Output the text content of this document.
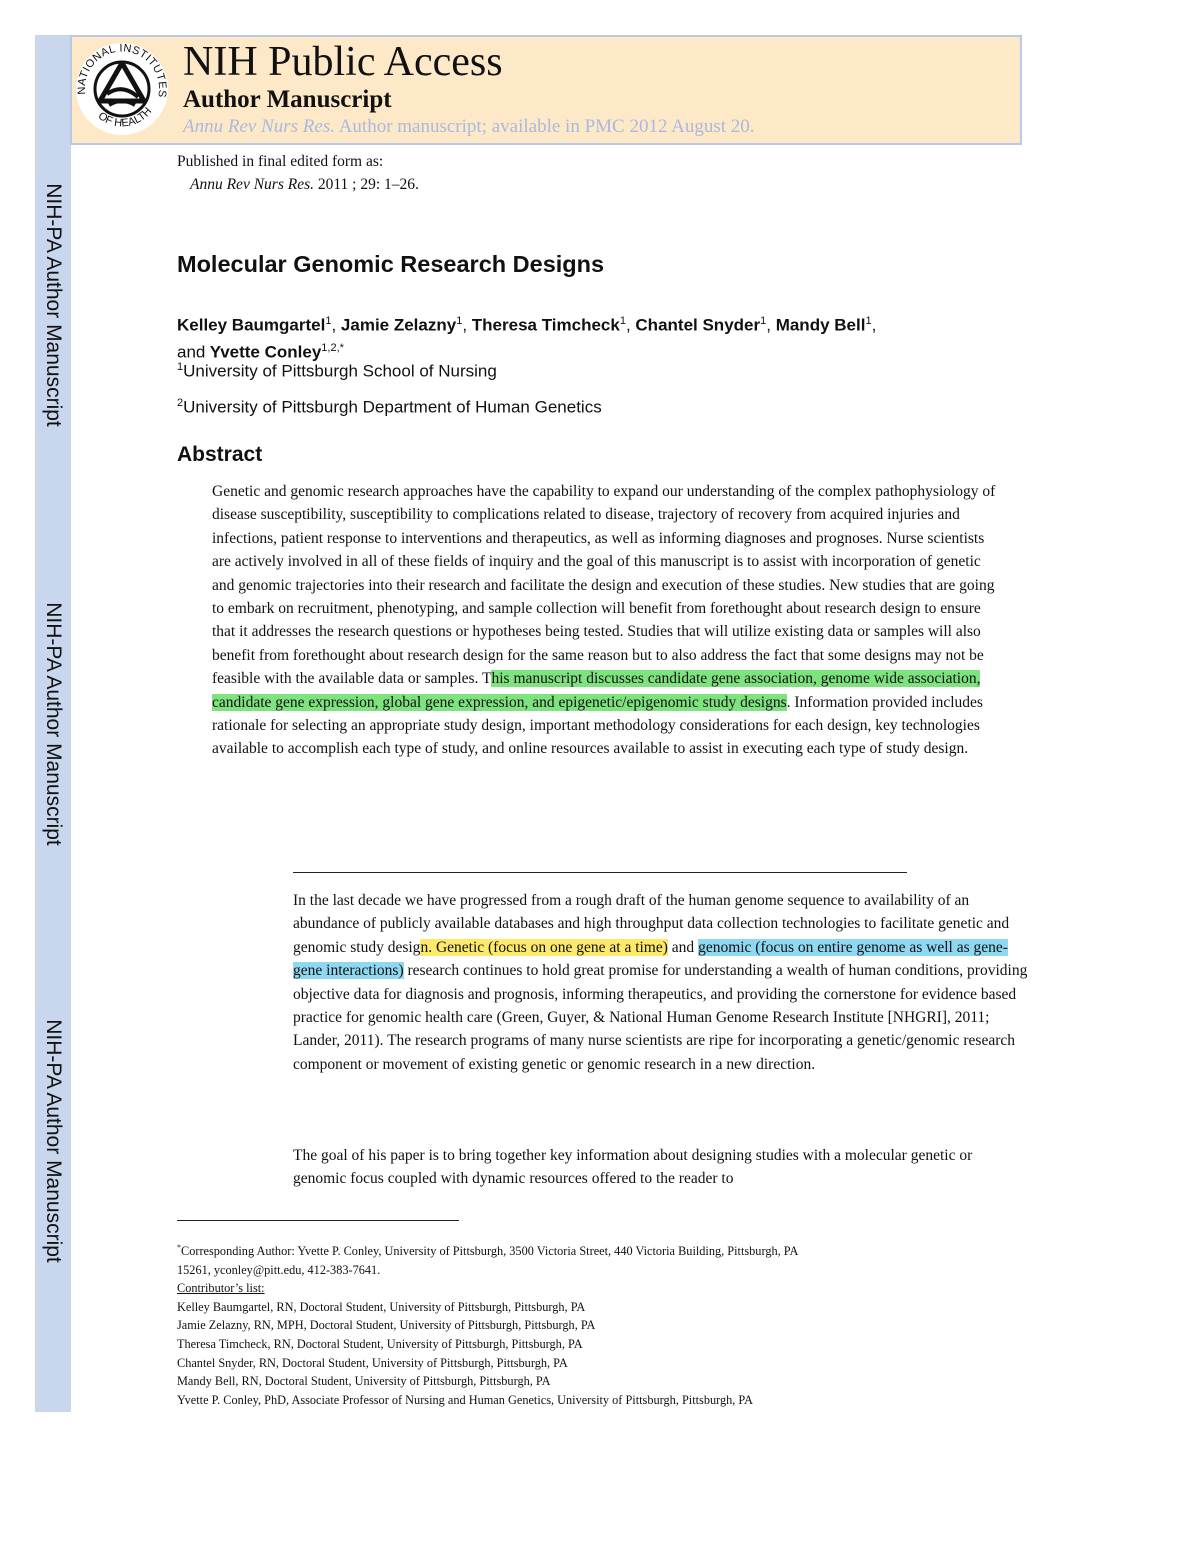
NIH-PA Author Manuscript
NIH-PA Author Manuscript
NIH-PA Author Manuscript
NATIONAL INSTITUTES
OF HEALTH
NIH Public Access
Author Manuscript
Annu Rev Nurs Res. Author manuscript; available in PMC 2012 August 20.
Published in final edited form as:
Annu Rev Nurs Res. 2011 ; 29: 1–26.
Molecular Genomic Research Designs
Kelley Baumgartel$^1$, Jamie Zelazny$^1$, Theresa Timcheck$^1$, Chantel Snyder$^1$, Mandy Bell$^1$,
and Yvette Conley$^{1,2,*}$
$^1$University of Pittsburgh School of Nursing
$^2$University of Pittsburgh Department of Human Genetics
Abstract
Genetic and genomic research approaches have the capability to expand our understanding of the complex pathophysiology of disease susceptibility, susceptibility to complications related to disease, trajectory of recovery from acquired injuries and infections, patient response to interventions and therapeutics, as well as informing diagnoses and prognoses. Nurse scientists are actively involved in all of these fields of inquiry and the goal of this manuscript is to assist with incorporation of genetic and genomic trajectories into their research and facilitate the design and execution of these studies. New studies that are going to embark on recruitment, phenotyping, and sample collection will benefit from forethought about research design to ensure that it addresses the research questions or hypotheses being tested. Studies that will utilize existing data or samples will also benefit from forethought about research design for the same reason but to also address the fact that some designs may not be feasible with the available data or samples. This manuscript discusses candidate gene association, genome wide association, candidate gene expression, global gene expression, and epigenetic/epigenomic study designs. Information provided includes rationale for selecting an appropriate study design, important methodology considerations for each design, key technologies available to accomplish each type of study, and online resources available to assist in executing each type of study design.
In the last decade we have progressed from a rough draft of the human genome sequence to availability of an abundance of publicly available databases and high throughput data collection technologies to facilitate genetic and genomic study design. Genetic (focus on one gene at a time) and genomic (focus on entire genome as well as gene-gene interactions) research continues to hold great promise for understanding a wealth of human conditions, providing objective data for diagnosis and prognosis, informing therapeutics, and providing the cornerstone for evidence based practice for genomic health care (Green, Guyer, & National Human Genome Research Institute [NHGRI], 2011; Lander, 2011). The research programs of many nurse scientists are ripe for incorporating a genetic/genomic research component or movement of existing genetic or genomic research in a new direction.
The goal of his paper is to bring together key information about designing studies with a molecular genetic or genomic focus coupled with dynamic resources offered to the reader to
*Corresponding Author: Yvette P. Conley, University of Pittsburgh, 3500 Victoria Street, 440 Victoria Building, Pittsburgh, PA
15261, yconley@pitt.edu, 412-383-7641.
Contributor’s list:
Kelley Baumgartel, RN, Doctoral Student, University of Pittsburgh, Pittsburgh, PA
Jamie Zelazny, RN, MPH, Doctoral Student, University of Pittsburgh, Pittsburgh, PA
Theresa Timcheck, RN, Doctoral Student, University of Pittsburgh, Pittsburgh, PA
Chantel Snyder, RN, Doctoral Student, University of Pittsburgh, Pittsburgh, PA
Mandy Bell, RN, Doctoral Student, University of Pittsburgh, Pittsburgh, PA
Yvette P. Conley, PhD, Associate Professor of Nursing and Human Genetics, University of Pittsburgh, Pittsburgh, PA
